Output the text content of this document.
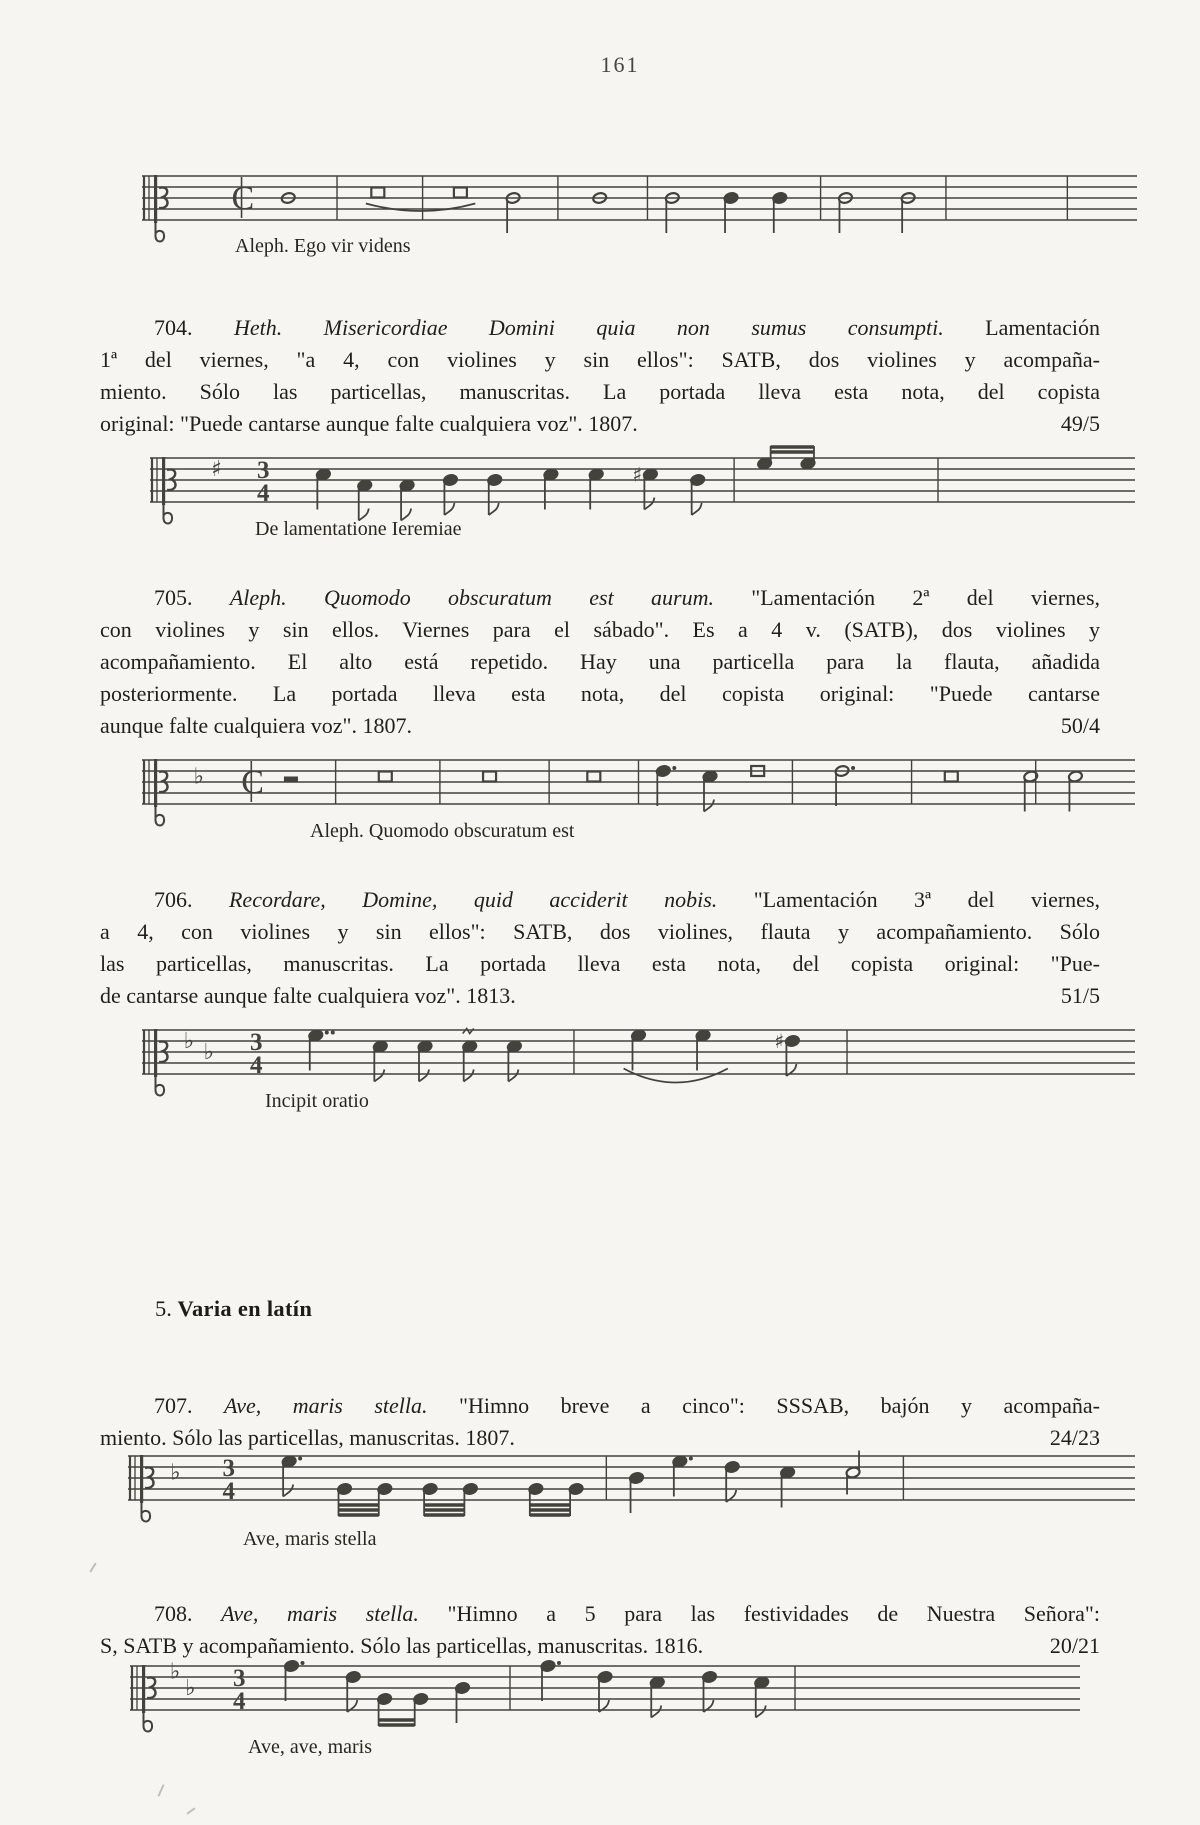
161
C
Aleph. Ego vir videns
704. Heth. Misericordiae Domini quia non sumus consumpti. Lamentación
1ª del viernes, "a 4, con violines y sin ellos": SATB, dos violines y acompaña-
miento. Sólo las particellas, manuscritas. La portada lleva esta nota, del copista
original: "Puede cantarse aunque falte cualquiera voz". 1807.	49/5
3
4
♯	♯
De lamentatione Ieremiae
705. Aleph. Quomodo obscuratum est aurum. "Lamentación 2ª del viernes,
con violines y sin ellos. Viernes para el sábado". Es a 4 v. (SATB), dos violines y
acompañamiento. El alto está repetido. Hay una particella para la flauta, añadida
posteriormente. La portada lleva esta nota, del copista original: "Puede cantarse
aunque falte cualquiera voz". 1807.	50/4
C
♭
Aleph. Quomodo obscuratum est
706. Recordare, Domine, quid acciderit nobis. "Lamentación 3ª del viernes,
a 4, con violines y sin ellos": SATB, dos violines, flauta y acompañamiento. Sólo
las particellas, manuscritas. La portada lleva esta nota, del copista original: "Pue-
de cantarse aunque falte cualquiera voz". 1813.	51/5
3
4
♭ ♭	♯
Incipit oratio
5. Varia en latín
707. Ave, maris stella. "Himno breve a cinco": SSSAB, bajón y acompaña-
miento. Sólo las particellas, manuscritas. 1807.	24/23
3
4
♭
Ave, maris stella
708. Ave, maris stella. "Himno a 5 para las festividades de Nuestra Señora":
S, SATB y acompañamiento. Sólo las particellas, manuscritas. 1816.	20/21
3
4
♭
♭
Ave, ave, maris
